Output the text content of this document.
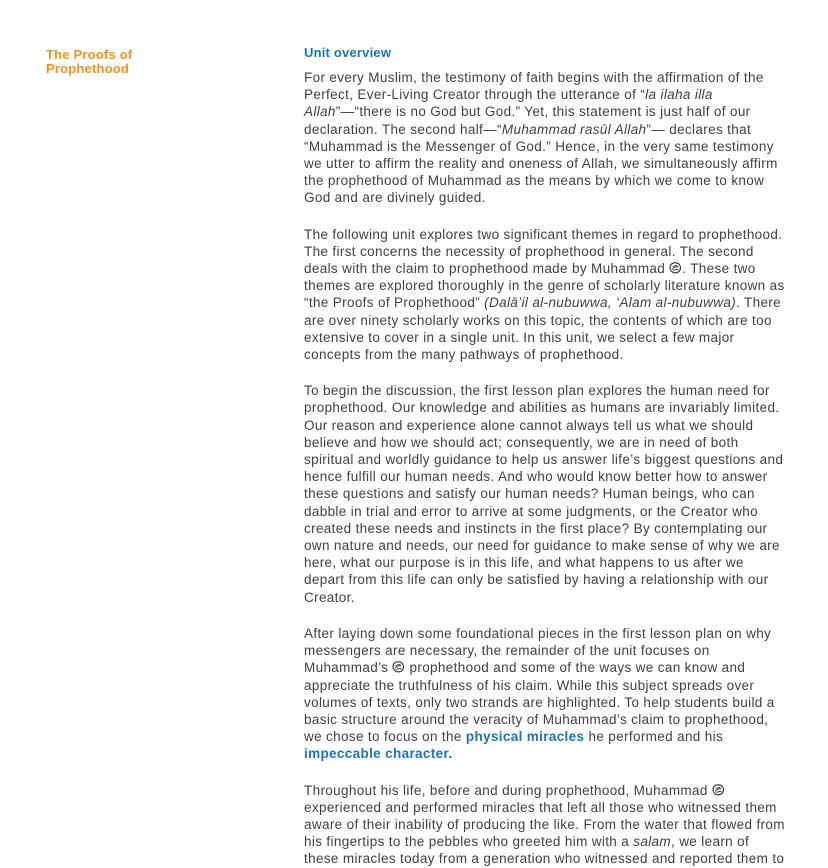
The Proofs of Prophethood
Unit overview

For every Muslim, the testimony of faith begins with the affirmation of the Perfect, Ever-Living Creator through the utterance of “la ilaha illa Allah”—“there is no God but God.” Yet, this statement is just half of our declaration. The second half—“Muhammad rasūl Allah”— declares that “Muhammad is the Messenger of God.” Hence, in the very same testimony we utter to affirm the reality and oneness of Allah, we simultaneously affirm the prophethood of Muhammad as the means by which we come to know God and are divinely guided.

The following unit explores two significant themes in regard to prophethood. The first concerns the necessity of prophethood in general. The second deals with the claim to prophethood made by Muhammad . These two themes are explored thoroughly in the genre of scholarly literature known as “the Proofs of Prophethood” (Dalā’il al-nubuwwa, ‘Alam al-nubuwwa). There are over ninety scholarly works on this topic, the contents of which are too extensive to cover in a single unit. In this unit, we select a few major concepts from the many pathways of prophethood.

To begin the discussion, the first lesson plan explores the human need for prophethood. Our knowledge and abilities as humans are invariably limited. Our reason and experience alone cannot always tell us what we should believe and how we should act; consequently, we are in need of both spiritual and worldly guidance to help us answer life’s biggest questions and hence fulfill our human needs. And who would know better how to answer these questions and satisfy our human needs? Human beings, who can dabble in trial and error to arrive at some judgments, or the Creator who created these needs and instincts in the first place? By contemplating our own nature and needs, our need for guidance to make sense of why we are here, what our purpose is in this life, and what happens to us after we depart from this life can only be satisfied by having a relationship with our Creator.

After laying down some foundational pieces in the first lesson plan on why messengers are necessary, the remainder of the unit focuses on Muhammad’s  prophethood and some of the ways we can know and appreciate the truthfulness of his claim. While this subject spreads over volumes of texts, only two strands are highlighted. To help students build a basic structure around the veracity of Muhammad’s claim to prophethood, we chose to focus on the physical miracles he performed and his impeccable character.

Throughout his life, before and during prophethood, Muhammad  experienced and performed miracles that left all those who witnessed them aware of their inability of producing the like. From the water that flowed from his fingertips to the pebbles who greeted him with a salam, we learn of these miracles today from a generation who witnessed and reported them to
